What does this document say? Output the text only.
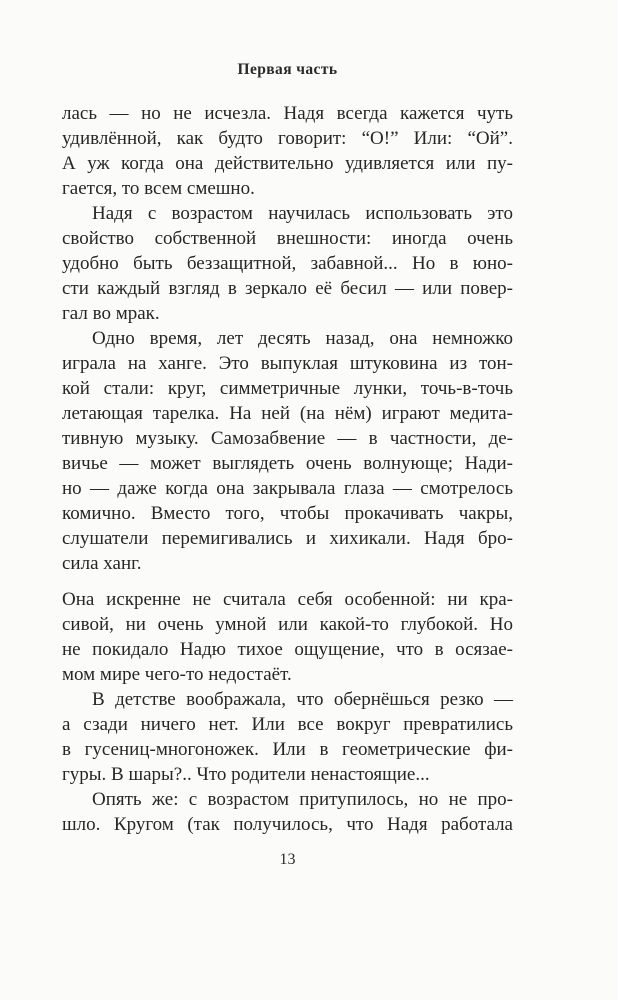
Первая часть
лась — но не исчезла. Надя всегда кажется чуть
удивлённой, как будто говорит: “О!” Или: “Ой”.
А уж когда она действительно удивляется или пу-
гается, то всем смешно.
Надя с возрастом научилась использовать это
свойство собственной внешности: иногда очень
удобно быть беззащитной, забавной... Но в юно-
сти каждый взгляд в зеркало её бесил — или повер-
гал во мрак.
Одно время, лет десять назад, она немножко
играла на ханге. Это выпуклая штуковина из тон-
кой стали: круг, симметричные лунки, точь-в-точь
летающая тарелка. На ней (на нём) играют медита-
тивную музыку. Самозабвение — в частности, де-
вичье — может выглядеть очень волнующе; Нади-
но — даже когда она закрывала глаза — смотрелось
комично. Вместо того, чтобы прокачивать чакры,
слушатели перемигивались и хихикали. Надя бро-
сила ханг.
Она искренне не считала себя особенной: ни кра-
сивой, ни очень умной или какой-то глубокой. Но
не покидало Надю тихое ощущение, что в осязае-
мом мире чего-то недостаёт.
В детстве воображала, что обернёшься резко —
а сзади ничего нет. Или все вокруг превратились
в гусениц-многоножек. Или в геометрические фи-
гуры. В шары?.. Что родители ненастоящие...
Опять же: с возрастом притупилось, но не про-
шло. Кругом (так получилось, что Надя работала
13
